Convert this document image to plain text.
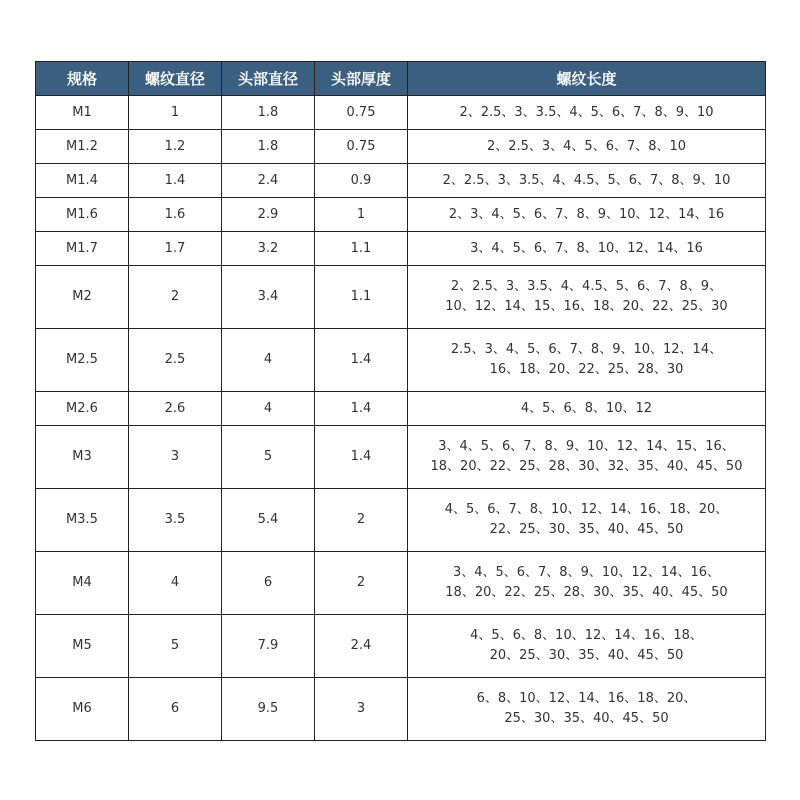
规格	螺纹直径	头部直径	头部厚度	螺纹长度
M1	1	1.8	0.75	2、2.5、3、3.5、4、5、6、7、8、9、10
M1.2	1.2	1.8	0.75	2、2.5、3、4、5、6、7、8、10
M1.4	1.4	2.4	0.9	2、2.5、3、3.5、4、4.5、5、6、7、8、9、10
M1.6	1.6	2.9	1	2、3、4、5、6、7、8、9、10、12、14、16
M1.7	1.7	3.2	1.1	3、4、5、6、7、8、10、12、14、16
M2	2	3.4	1.1	2、2.5、3、3.5、4、4.5、5、6、7、8、9、
10、12、14、15、16、18、20、22、25、30
M2.5	2.5	4	1.4	2.5、3、4、5、6、7、8、9、10、12、14、
16、18、20、22、25、28、30
M2.6	2.6	4	1.4	4、5、6、8、10、12
M3	3	5	1.4	3、4、5、6、7、8、9、10、12、14、15、16、
18、20、22、25、28、30、32、35、40、45、50
M3.5	3.5	5.4	2	4、5、6、7、8、10、12、14、16、18、20、
22、25、30、35、40、45、50
M4	4	6	2	3、4、5、6、7、8、9、10、12、14、16、
18、20、22、25、28、30、35、40、45、50
M5	5	7.9	2.4	4、5、6、8、10、12、14、16、18、
20、25、30、35、40、45、50
M6	6	9.5	3	6、8、10、12、14、16、18、20、
25、30、35、40、45、50
